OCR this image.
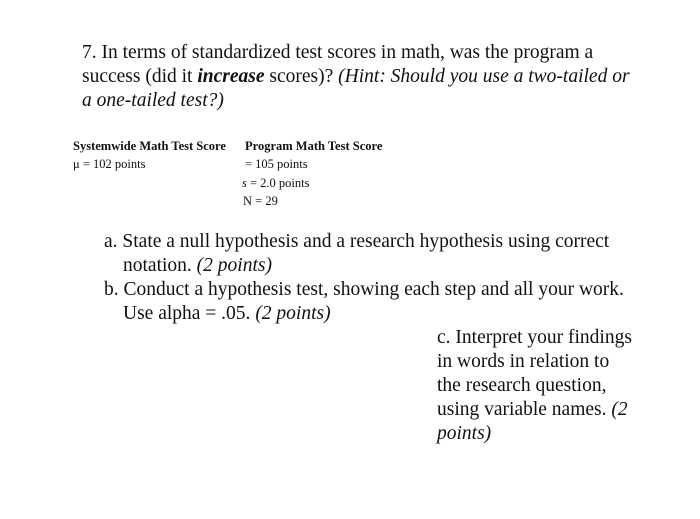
7. In terms of standardized test scores in math, was the program a success (did it increase scores)? (Hint: Should you use a two-tailed or a one-tailed test?)
Systemwide Math Test Score Program Math Test Score
μ = 102 points	= 105 points
s = 2.0 points
N = 29
a. State a null hypothesis and a research hypothesis using correct notation. (2 points)
b. Conduct a hypothesis test, showing each step and all your work. Use alpha = .05. (2 points)
c. Interpret your findings in words in relation to the research question, using variable names. (2 points)
